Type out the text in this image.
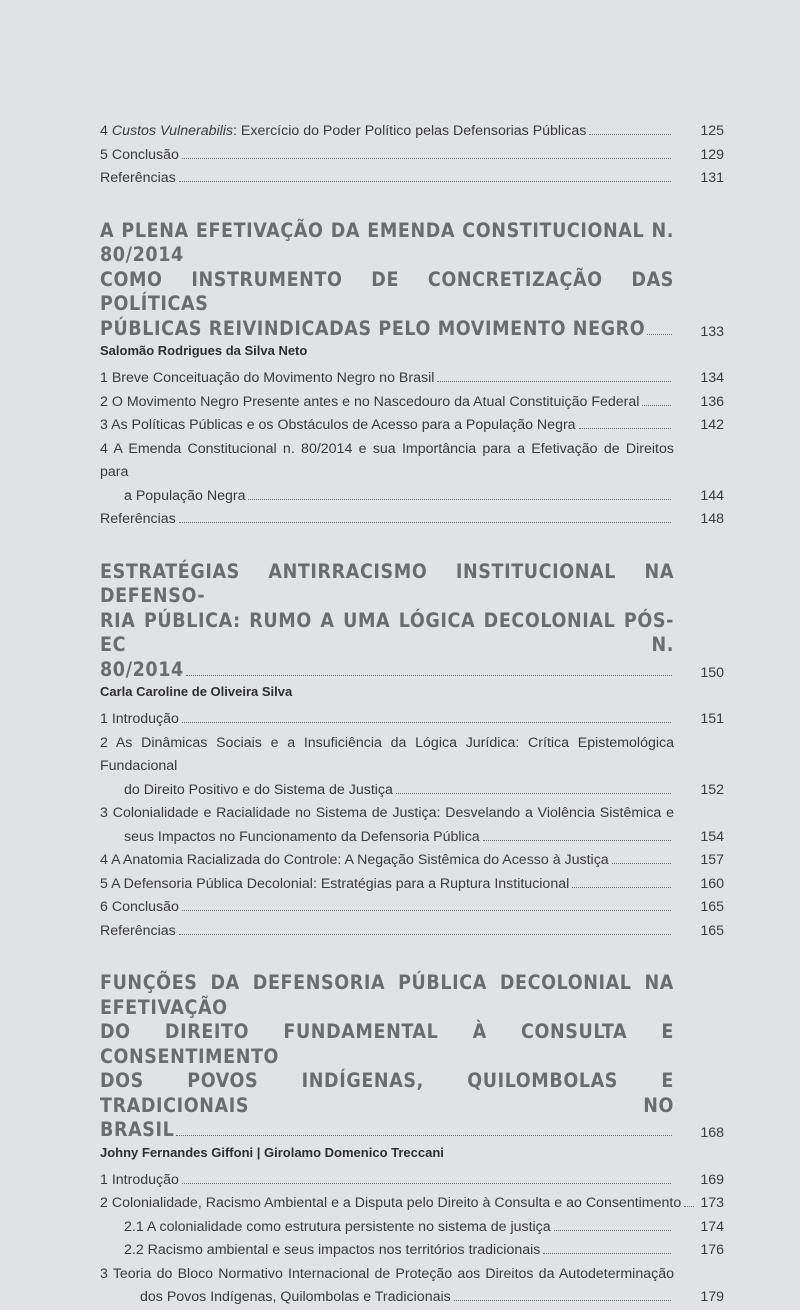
4 Custos Vulnerabilis: Exercício do Poder Político pelas Defensorias Públicas	125
5 Conclusão	129
Referências	131
A PLENA EFETIVAÇÃO DA EMENDA CONSTITUCIONAL N. 80/2014
COMO INSTRUMENTO DE CONCRETIZAÇÃO DAS POLÍTICAS
PÚBLICAS REIVINDICADAS PELO MOVIMENTO NEGRO	133
Salomão Rodrigues da Silva Neto
1 Breve Conceituação do Movimento Negro no Brasil	134
2 O Movimento Negro Presente antes e no Nascedouro da Atual Constituição Federal	136
3 As Políticas Públicas e os Obstáculos de Acesso para a População Negra	142
4 A Emenda Constitucional n. 80/2014 e sua Importância para a Efetivação de Direitos para
a População Negra	144
Referências	148
ESTRATÉGIAS ANTIRRACISMO INSTITUCIONAL NA DEFENSO-
RIA PÚBLICA: RUMO A UMA LÓGICA DECOLONIAL PÓS-EC N.
80/2014	150
Carla Caroline de Oliveira Silva
1 Introdução	151
2 As Dinâmicas Sociais e a Insuficiência da Lógica Jurídica: Crítica Epistemológica Fundacional
do Direito Positivo e do Sistema de Justiça	152
3 Colonialidade e Racialidade no Sistema de Justiça: Desvelando a Violência Sistêmica e
seus Impactos no Funcionamento da Defensoria Pública	154
4 A Anatomia Racializada do Controle: A Negação Sistêmica do Acesso à Justiça	157
5 A Defensoria Pública Decolonial: Estratégias para a Ruptura Institucional	160
6 Conclusão	165
Referências	165
FUNÇÕES DA DEFENSORIA PÚBLICA DECOLONIAL NA EFETIVAÇÃO
DO DIREITO FUNDAMENTAL À CONSULTA E CONSENTIMENTO
DOS POVOS INDÍGENAS, QUILOMBOLAS E TRADICIONAIS NO
BRASIL	168
Johny Fernandes Giffoni | Girolamo Domenico Treccani
1 Introdução	169
2 Colonialidade, Racismo Ambiental e a Disputa pelo Direito à Consulta e ao Consentimento	173
2.1 A colonialidade como estrutura persistente no sistema de justiça	174
2.2 Racismo ambiental e seus impactos nos territórios tradicionais	176
3 Teoria do Bloco Normativo Internacional de Proteção aos Direitos da Autodeterminação
dos Povos Indígenas, Quilombolas e Tradicionais	179
